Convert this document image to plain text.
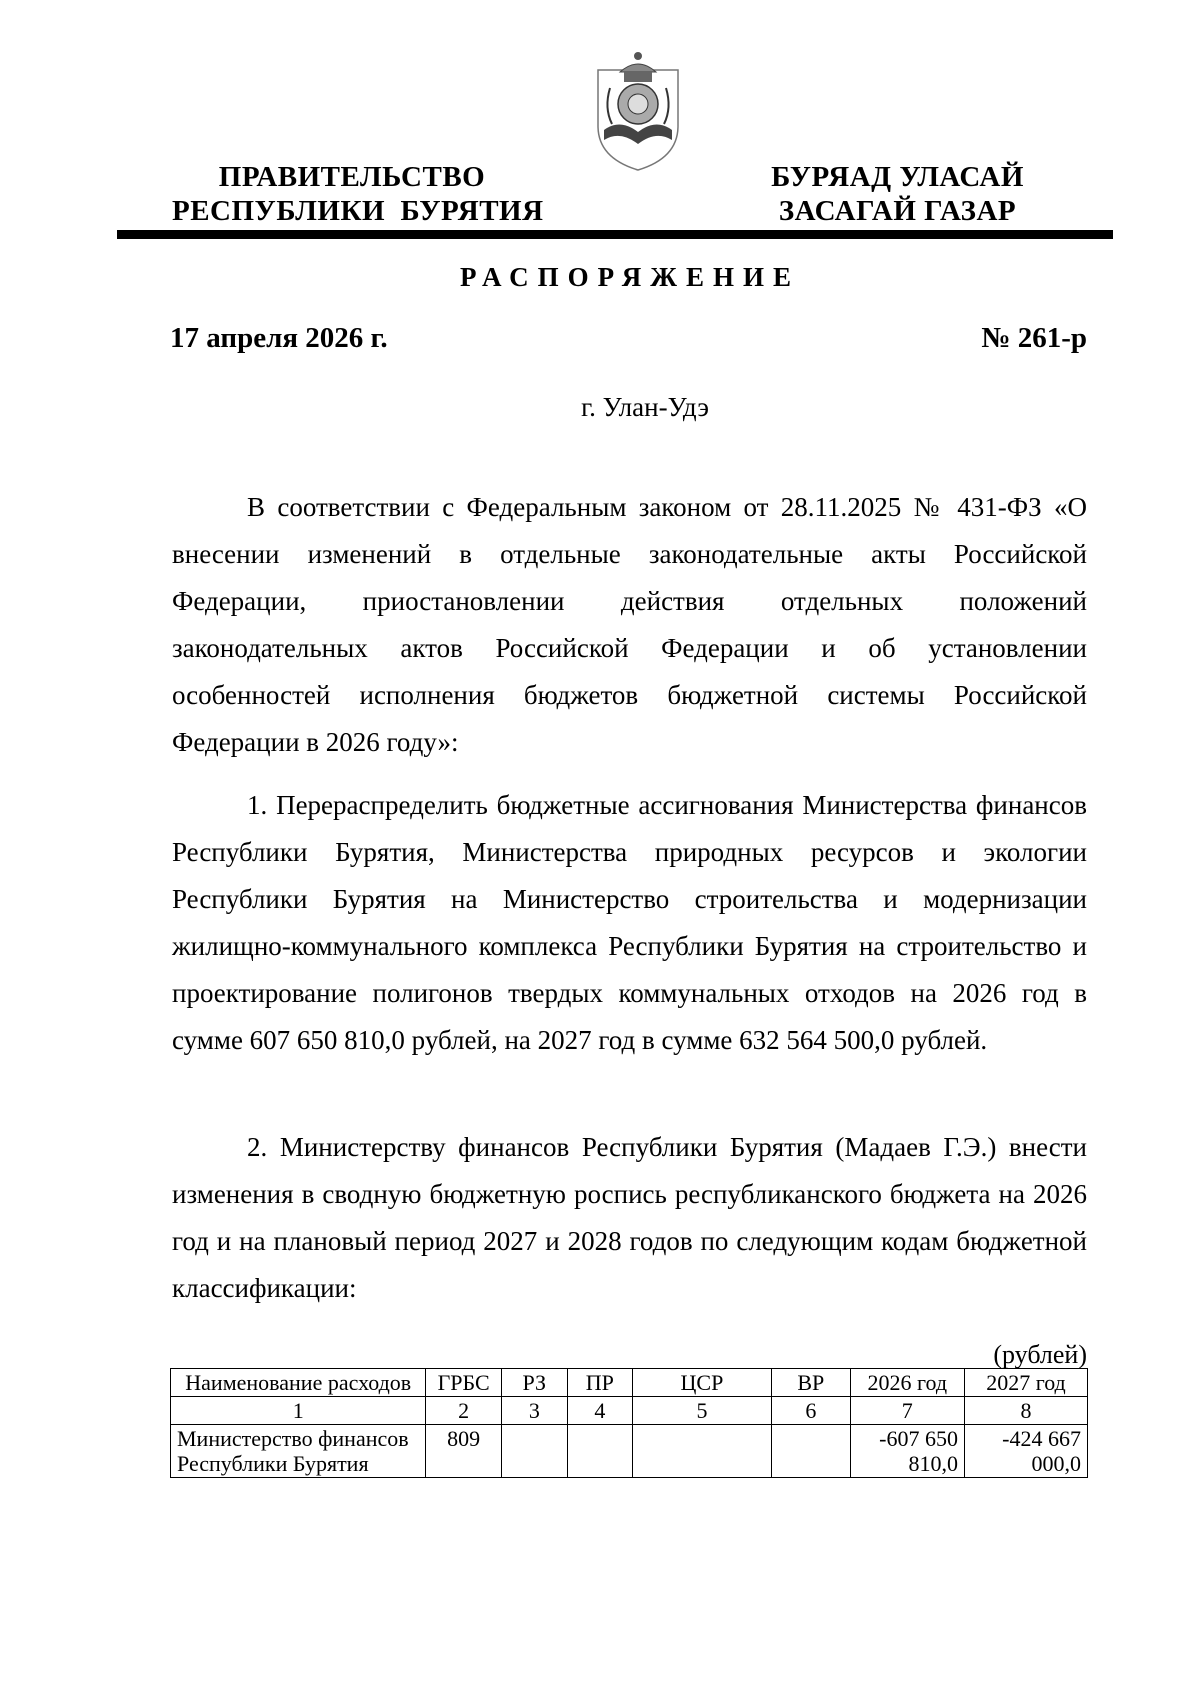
ПРАВИТЕЛЬСТВО
РЕСПУБЛИКИ  БУРЯТИЯ
БУРЯАД УЛАСАЙ
ЗАСАГАЙ ГАЗАР
РАСПОРЯЖЕНИЕ
17 апреля 2026 г.	№ 261-р
г. Улан-Удэ

В соответствии с Федеральным законом от 28.11.2025 № 431-ФЗ «О внесении изменений в отдельные законодательные акты Российской Федерации, приостановлении действия отдельных положений законодательных актов Российской Федерации и об установлении особенностей исполнения бюджетов бюджетной системы Российской Федерации в 2026 году»:

1. Перераспределить бюджетные ассигнования Министерства финансов Республики Бурятия, Министерства природных ресурсов и экологии Республики Бурятия на Министерство строительства и модернизации жилищно-коммунального комплекса Республики Бурятия на строительство и проектирование полигонов твердых коммунальных отходов на 2026 год в сумме 607 650 810,0 рублей, на 2027 год в сумме 632 564 500,0 рублей.

2. Министерству финансов Республики Бурятия (Мадаев Г.Э.) внести изменения в сводную бюджетную роспись республиканского бюджета на 2026 год и на плановый период 2027 и 2028 годов по следующим кодам бюджетной классификации:

(рублей)
Наименование расходов	ГРБС	РЗ	ПР	ЦСР	ВР	2026 год	2027 год
1	2	3	4	5	6	7	8
Министерство финансов Республики Бурятия	809					-607 650 810,0	-424 667 000,0
